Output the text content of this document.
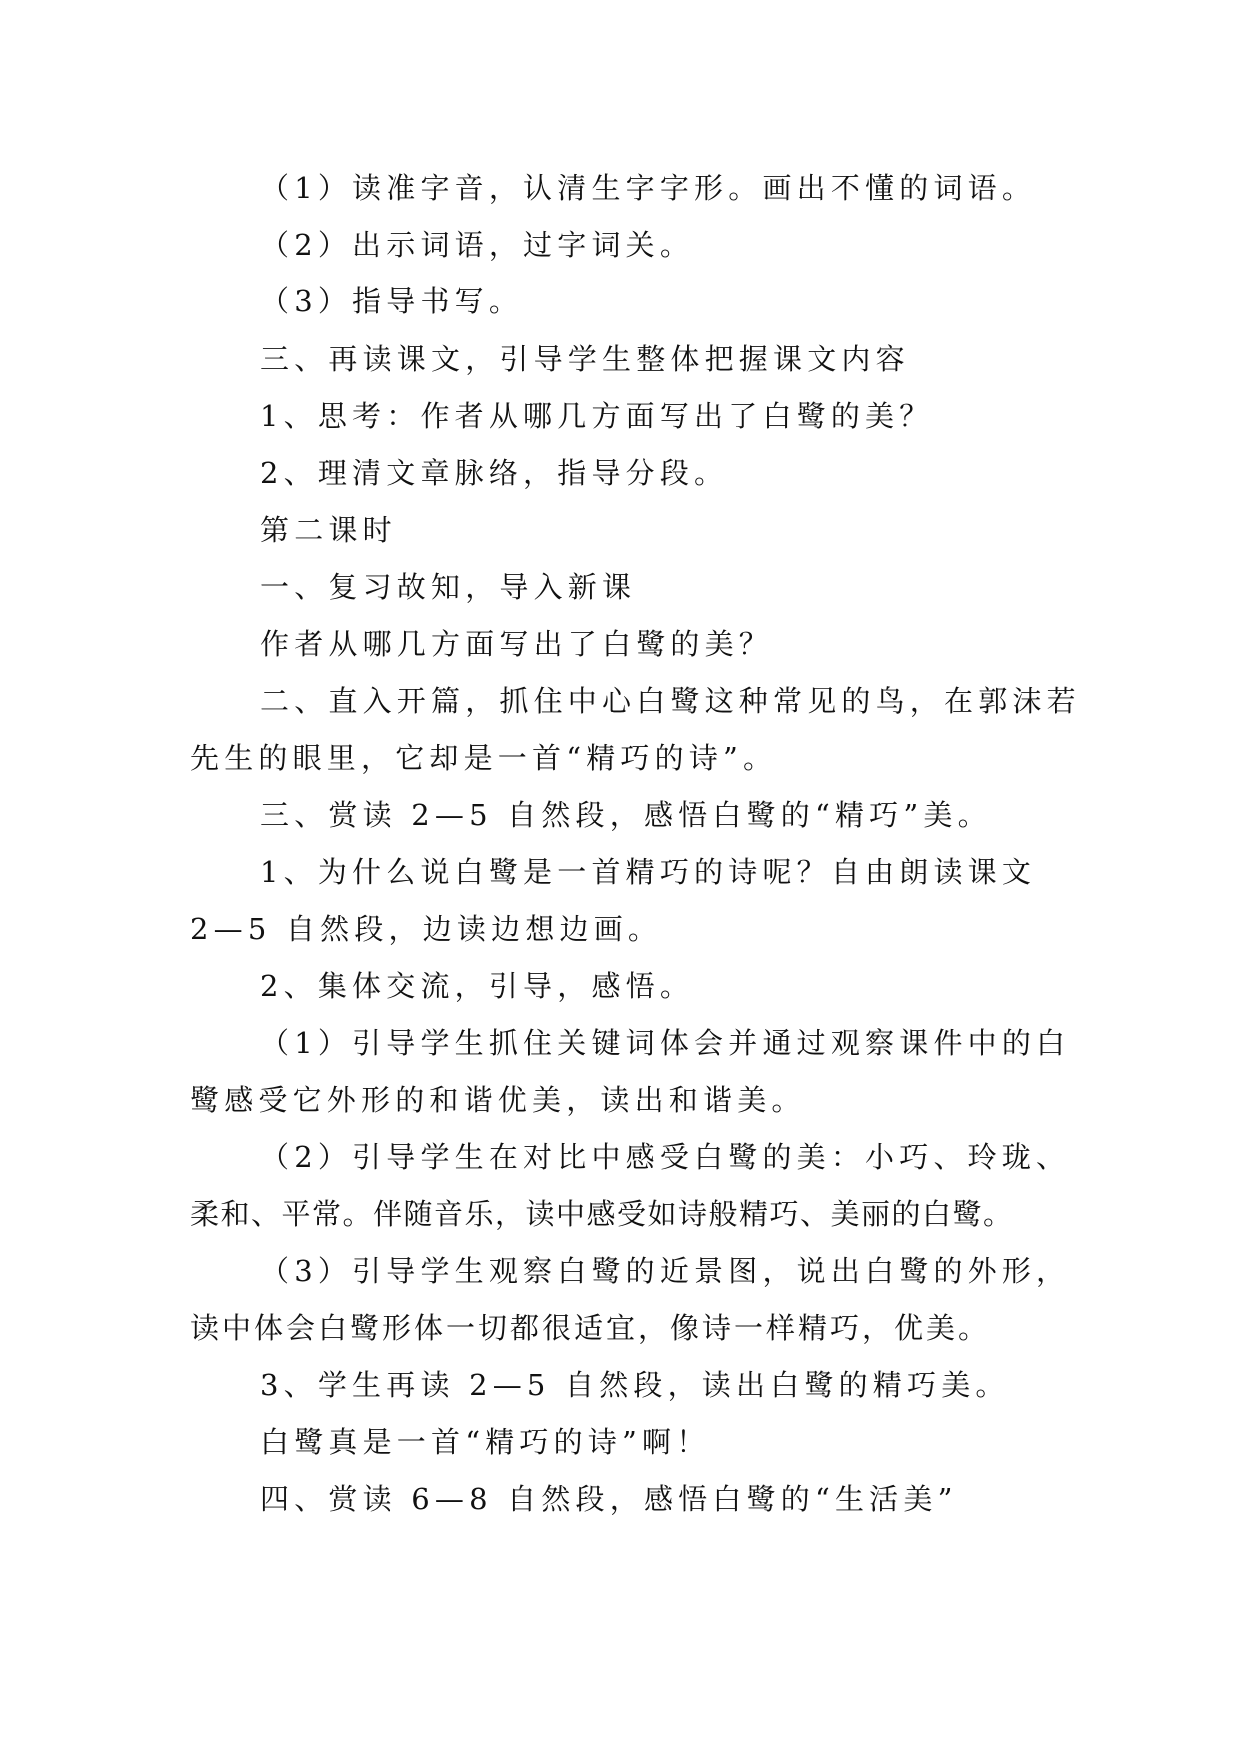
（1）读准字音，认清生字字形。画出不懂的词语。
（2）出示词语，过字词关。
（3）指导书写。
三、再读课文，引导学生整体把握课文内容
1、思考：作者从哪几方面写出了白鹭的美？
2、理清文章脉络，指导分段。
第二课时
一、复习故知，导入新课
作者从哪几方面写出了白鹭的美？
二、直入开篇，抓住中心白鹭这种常见的鸟，在郭沫若
先生的眼里，它却是一首“精巧的诗”。
三、赏读 2—5 自然段，感悟白鹭的“精巧”美。
1、为什么说白鹭是一首精巧的诗呢？自由朗读课文
2—5 自然段，边读边想边画。
2、集体交流，引导，感悟。
（1）引导学生抓住关键词体会并通过观察课件中的白
鹭感受它外形的和谐优美，读出和谐美。
（2）引导学生在对比中感受白鹭的美：小巧、玲珑、
柔和、平常。伴随音乐，读中感受如诗般精巧、美丽的白鹭。
（3）引导学生观察白鹭的近景图，说出白鹭的外形，
读中体会白鹭形体一切都很适宜，像诗一样精巧，优美。
3、学生再读 2—5 自然段，读出白鹭的精巧美。
白鹭真是一首“精巧的诗”啊！
四、赏读 6—8 自然段，感悟白鹭的“生活美”
